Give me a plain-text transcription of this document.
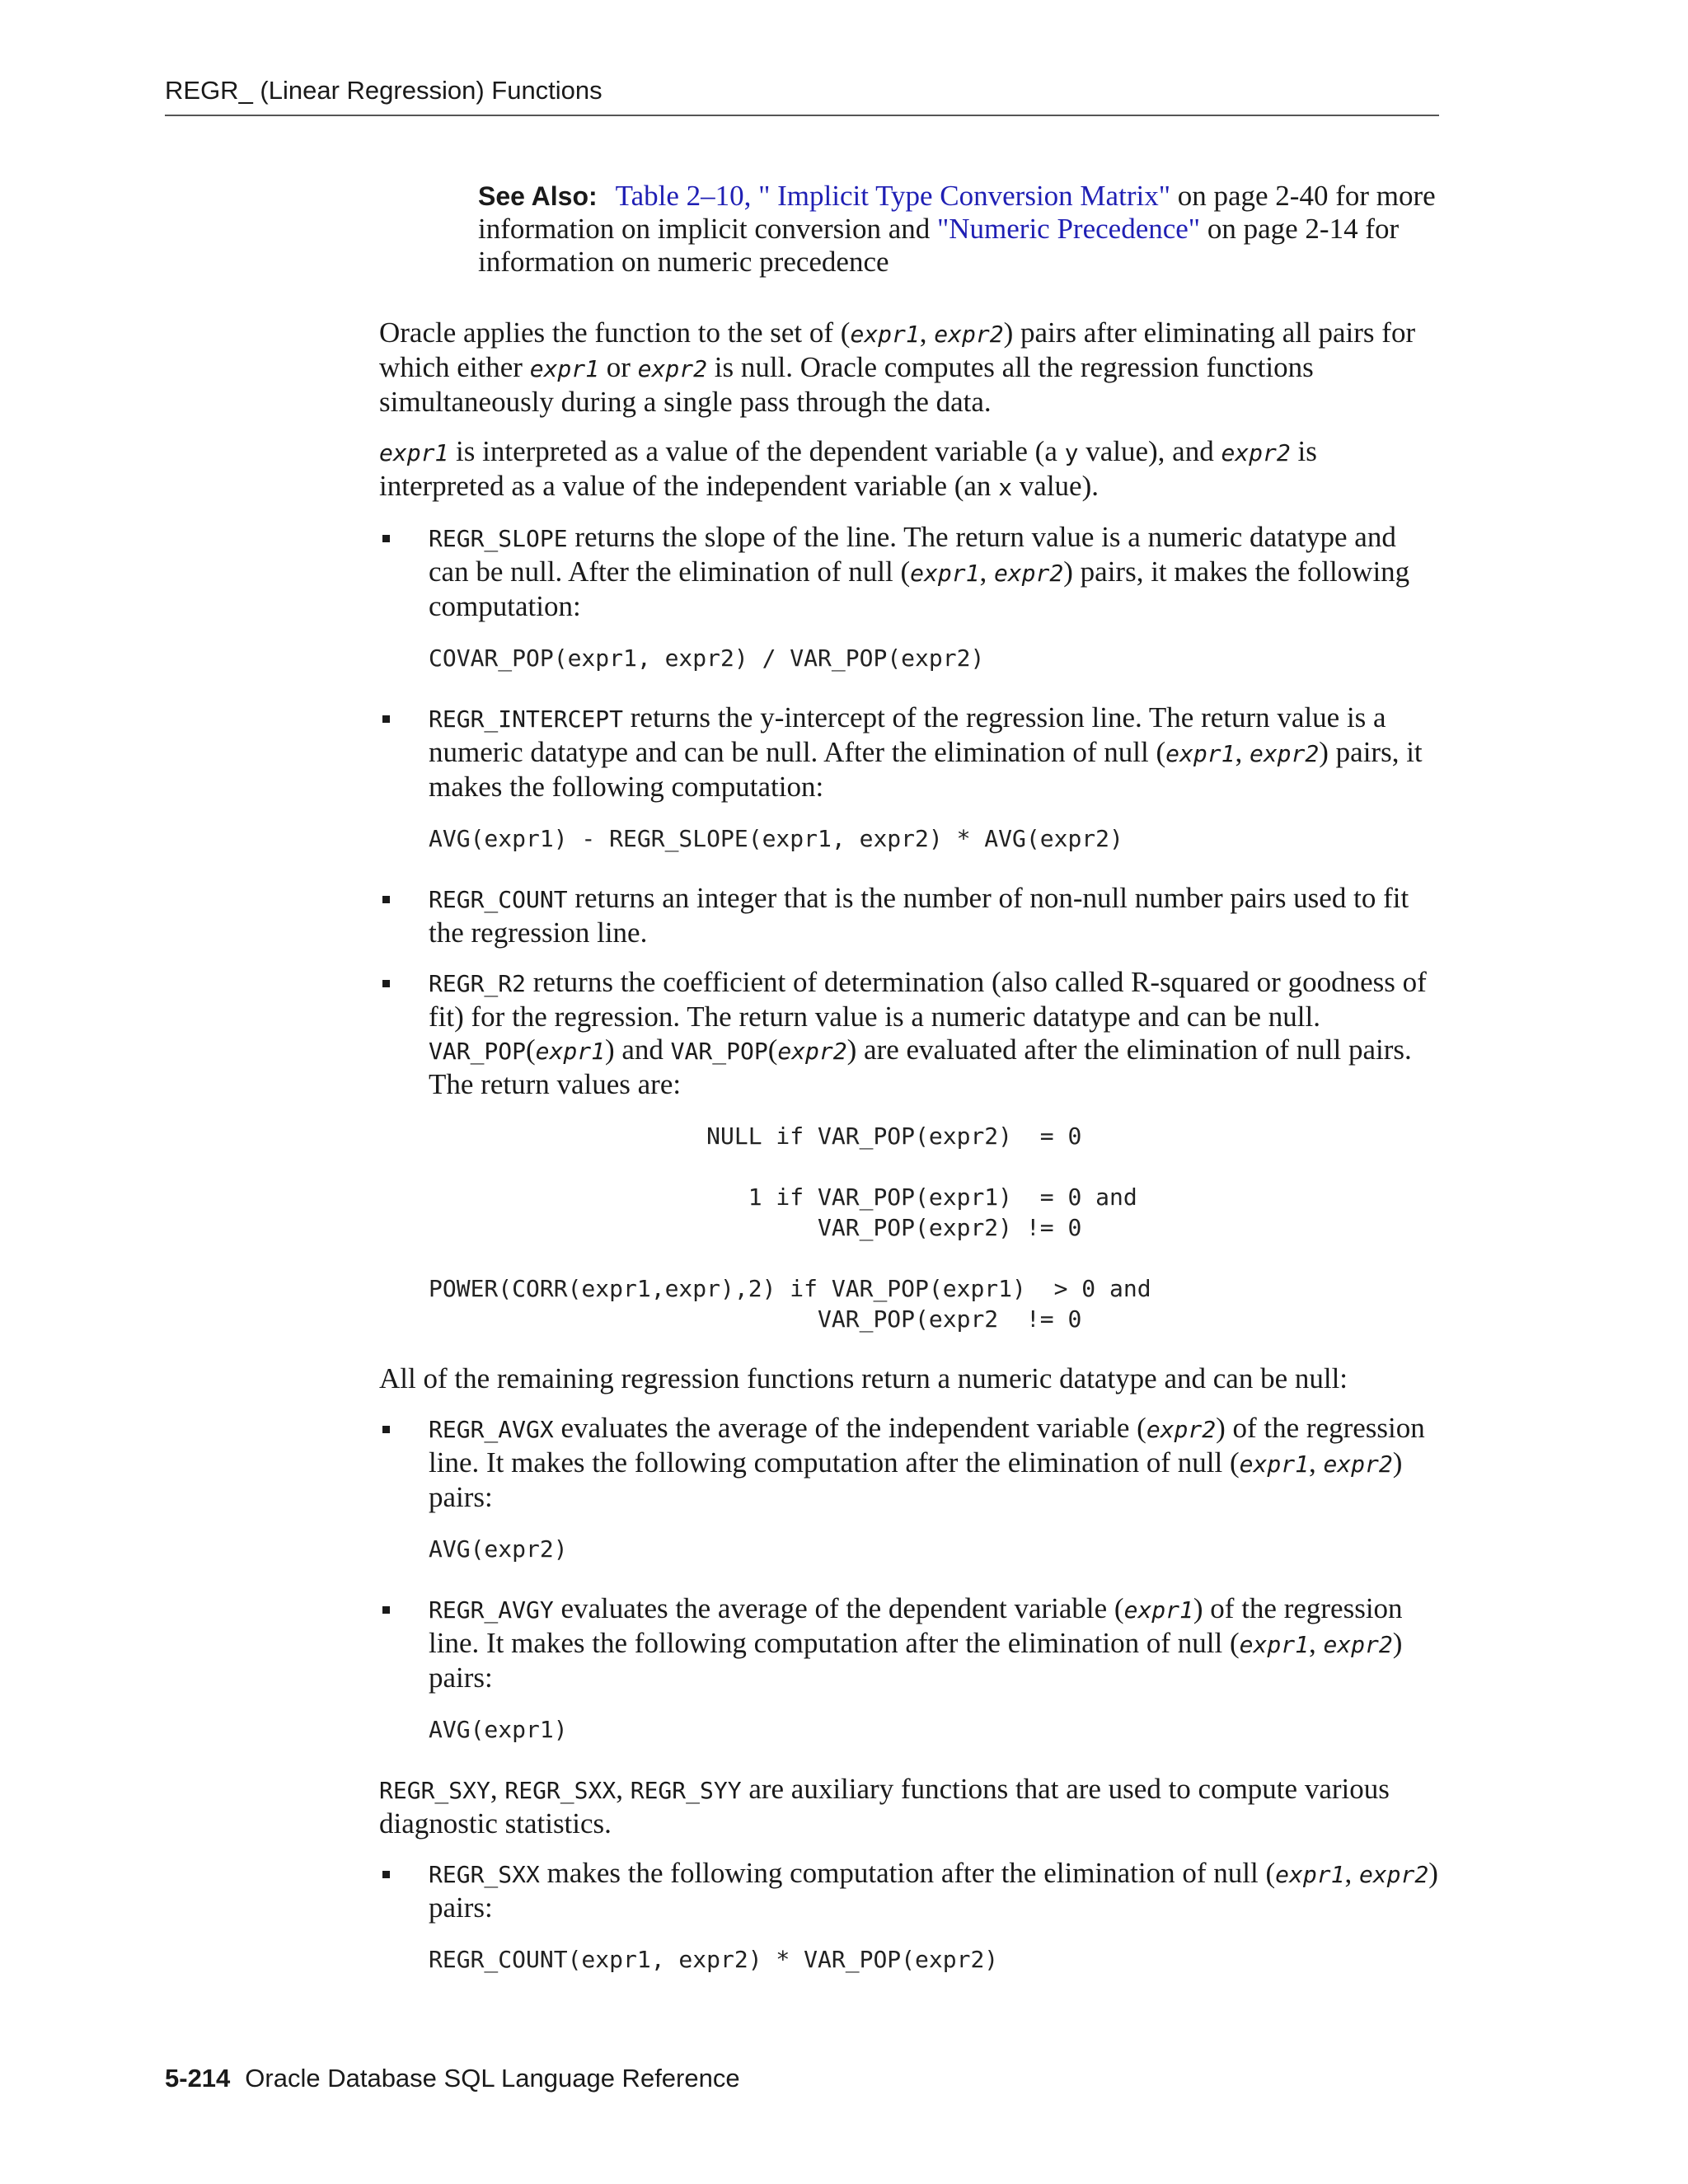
REGR_ (Linear Regression) Functions
See Also: Table 2–10, " Implicit Type Conversion Matrix" on page 2-40 for more information on implicit conversion and "Numeric Precedence" on page 2-14 for information on numeric precedence

Oracle applies the function to the set of (expr1, expr2) pairs after eliminating all pairs for which either expr1 or expr2 is null. Oracle computes all the regression functions simultaneously during a single pass through the data.

expr1 is interpreted as a value of the dependent variable (a y value), and expr2 is interpreted as a value of the independent variable (an x value).

REGR_SLOPE returns the slope of the line. The return value is a numeric datatype and can be null. After the elimination of null (expr1, expr2) pairs, it makes the following computation:
COVAR_POP(expr1, expr2) / VAR_POP(expr2)
REGR_INTERCEPT returns the y-intercept of the regression line. The return value is a numeric datatype and can be null. After the elimination of null (expr1, expr2) pairs, it makes the following computation:
AVG(expr1) - REGR_SLOPE(expr1, expr2) * AVG(expr2)
REGR_COUNT returns an integer that is the number of non-null number pairs used to fit the regression line.
REGR_R2 returns the coefficient of determination (also called R-squared or goodness of fit) for the regression. The return value is a numeric datatype and can be null. VAR_POP(expr1) and VAR_POP(expr2) are evaluated after the elimination of null pairs. The return values are:
NULL if VAR_POP(expr2)  = 0

1 if VAR_POP(expr1)  = 0 and
VAR_POP(expr2) != 0

POWER(CORR(expr1,expr),2) if VAR_POP(expr1)  > 0 and
VAR_POP(expr2  != 0

All of the remaining regression functions return a numeric datatype and can be null:

REGR_AVGX evaluates the average of the independent variable (expr2) of the regression line. It makes the following computation after the elimination of null (expr1, expr2) pairs:
AVG(expr2)
REGR_AVGY evaluates the average of the dependent variable (expr1) of the regression line. It makes the following computation after the elimination of null (expr1, expr2) pairs:
AVG(expr1)

REGR_SXY, REGR_SXX, REGR_SYY are auxiliary functions that are used to compute various diagnostic statistics.

REGR_SXX makes the following computation after the elimination of null (expr1, expr2) pairs:
REGR_COUNT(expr1, expr2) * VAR_POP(expr2)
5-214 Oracle Database SQL Language Reference
